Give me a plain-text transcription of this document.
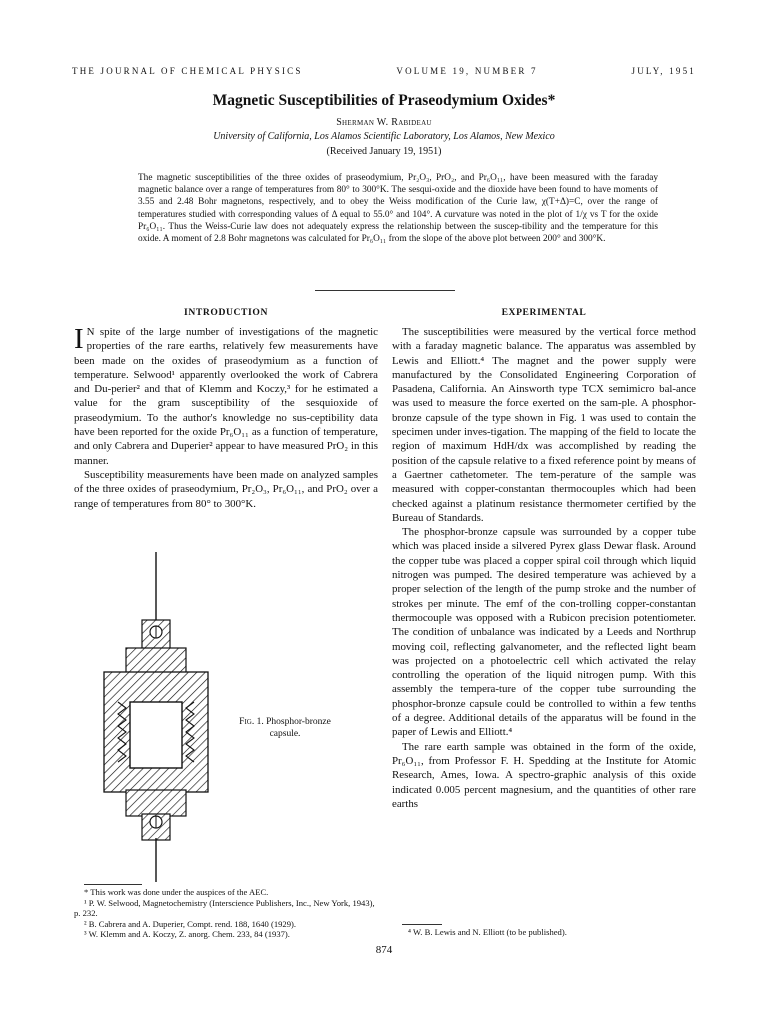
THE JOURNAL OF CHEMICAL PHYSICS	VOLUME 19, NUMBER 7	JULY, 1951
Magnetic Susceptibilities of Praseodymium Oxides*
Sherman W. Rabideau
University of California, Los Alamos Scientific Laboratory, Los Alamos, New Mexico
(Received January 19, 1951)
The magnetic susceptibilities of the three oxides of praseodymium, Pr₂O₃, PrO₂, and Pr₆O₁₁, have been measured with the faraday magnetic balance over a range of temperatures from 80° to 300°K. The sesqui-oxide and the dioxide have been found to have moments of 3.55 and 2.48 Bohr magnetons, respectively, and to obey the Weiss modification of the Curie law, χ(T+Δ)=C, over the range of temperatures studied with corresponding values of Δ equal to 55.0° and 104°. A curvature was noted in the plot of 1/χ vs T for the oxide Pr₆O₁₁. Thus the Weiss-Curie law does not adequately express the relationship between the suscep-tibility and the temperature for this oxide. A moment of 2.8 Bohr magnetons was calculated for Pr₆O₁₁ from the slope of the above plot between 200° and 300°K.
INTRODUCTION

I N spite of the large number of investigations of the magnetic properties of the rare earths, relatively few measurements have been made on the oxides of praseodymium as a function of temperature. Selwood¹ apparently overlooked the work of Cabrera and Du-perier² and that of Klemm and Koczy,³ for he estimated a value for the gram susceptibility of the sesquioxide of praseodymium. To the author's knowledge no sus-ceptibility data have been reported for the oxide Pr₆O₁₁ as a function of temperature, and only Cabrera and Duperier² appear to have measured PrO₂ in this manner.

Susceptibility measurements have been made on analyzed samples of the three oxides of praseodymium, Pr₂O₃, Pr₆O₁₁, and PrO₂ over a range of temperatures from 80° to 300°K.

Fig. 1. Phosphor-bronze capsule.

* This work was done under the auspices of the AEC.

¹ P. W. Selwood, Magnetochemistry (Interscience Publishers, Inc., New York, 1943), p. 232.

² B. Cabrera and A. Duperier, Compt. rend. 188, 1640 (1929).

³ W. Klemm and A. Koczy, Z. anorg. Chem. 233, 84 (1937).

EXPERIMENTAL

The susceptibilities were measured by the vertical force method with a faraday magnetic balance. The apparatus was assembled by Lewis and Elliott.⁴ The magnet and the power supply were manufactured by the Consolidated Engineering Corporation of Pasadena, California. An Ainsworth type TCX semimicro bal-ance was used to measure the force exerted on the sam-ple. A phosphor-bronze capsule of the type shown in Fig. 1 was used to contain the specimen under inves-tigation. The mapping of the field to locate the region of maximum HdH/dx was accomplished by reading the position of the capsule relative to a fixed reference point by means of a Gaertner cathetometer. The tem-perature of the sample was measured with copper-constantan thermocouples which had been checked against a platinum resistance thermometer certified by the Bureau of Standards.

The phosphor-bronze capsule was surrounded by a copper tube which was placed inside a silvered Pyrex glass Dewar flask. Around the copper tube was placed a copper spiral coil through which liquid nitrogen was pumped. The desired temperature was achieved by a proper selection of the length of the pump stroke and the number of strokes per minute. The emf of the con-trolling copper-constantan thermocouple was opposed with a Rubicon precision potentiometer. The condition of unbalance was indicated by a Leeds and Northrup moving coil, reflecting galvanometer, and the reflected light beam was projected on a photoelectric cell which activated the relay controlling the operation of the liquid nitrogen pump. With this assembly the tempera-ture of the copper tube surrounding the phosphor-bronze capsule could be controlled to within a few tenths of a degree. Additional details of the apparatus will be found in the paper of Lewis and Elliott.⁴

The rare earth sample was obtained in the form of the oxide, Pr₆O₁₁, from Professor F. H. Spedding at the Institute for Atomic Research, Ames, Iowa. A spectro-graphic analysis of this oxide indicated 0.005 percent magnesium, and the quantities of other rare earths

⁴ W. B. Lewis and N. Elliott (to be published).
874
